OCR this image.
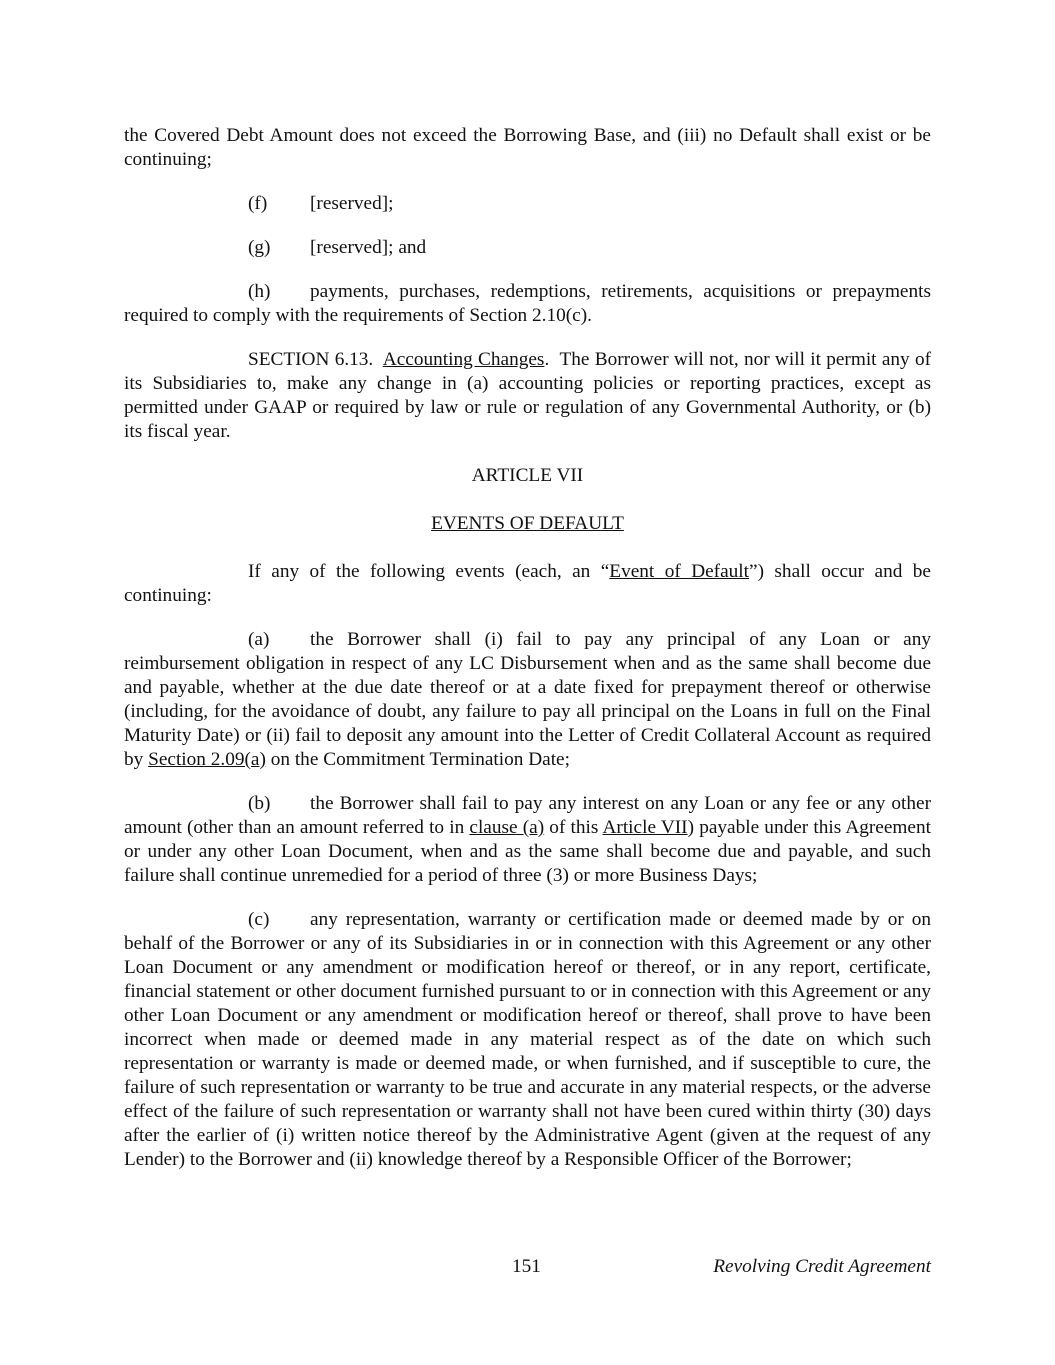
the Covered Debt Amount does not exceed the Borrowing Base, and (iii) no Default shall exist or be continuing;

(f) [reserved];

(g) [reserved]; and

(h) payments, purchases, redemptions, retirements, acquisitions or prepayments required to comply with the requirements of Section 2.10(c).

SECTION 6.13. Accounting Changes.  The Borrower will not, nor will it permit any of its Subsidiaries to, make any change in (a) accounting policies or reporting practices, except as permitted under GAAP or required by law or rule or regulation of any Governmental Authority, or (b) its fiscal year.

ARTICLE VII

EVENTS OF DEFAULT

If any of the following events (each, an “Event of Default”) shall occur and be continuing:

(a) the Borrower shall (i) fail to pay any principal of any Loan or any reimbursement obligation in respect of any LC Disbursement when and as the same shall become due and payable, whether at the due date thereof or at a date fixed for prepayment thereof or otherwise (including, for the avoidance of doubt, any failure to pay all principal on the Loans in full on the Final Maturity Date) or (ii) fail to deposit any amount into the Letter of Credit Collateral Account as required by Section 2.09(a) on the Commitment Termination Date;

(b) the Borrower shall fail to pay any interest on any Loan or any fee or any other amount (other than an amount referred to in clause (a) of this Article VII) payable under this Agreement or under any other Loan Document, when and as the same shall become due and payable, and such failure shall continue unremedied for a period of three (3) or more Business Days;

(c) any representation, warranty or certification made or deemed made by or on behalf of the Borrower or any of its Subsidiaries in or in connection with this Agreement or any other Loan Document or any amendment or modification hereof or thereof, or in any report, certificate, financial statement or other document furnished pursuant to or in connection with this Agreement or any other Loan Document or any amendment or modification hereof or thereof, shall prove to have been incorrect when made or deemed made in any material respect as of the date on which such representation or warranty is made or deemed made, or when furnished, and if susceptible to cure, the failure of such representation or warranty to be true and accurate in any material respects, or the adverse effect of the failure of such representation or warranty shall not have been cured within thirty (30) days after the earlier of (i) written notice thereof by the Administrative Agent (given at the request of any Lender) to the Borrower and (ii) knowledge thereof by a Responsible Officer of the Borrower;

151	Revolving Credit Agreement
